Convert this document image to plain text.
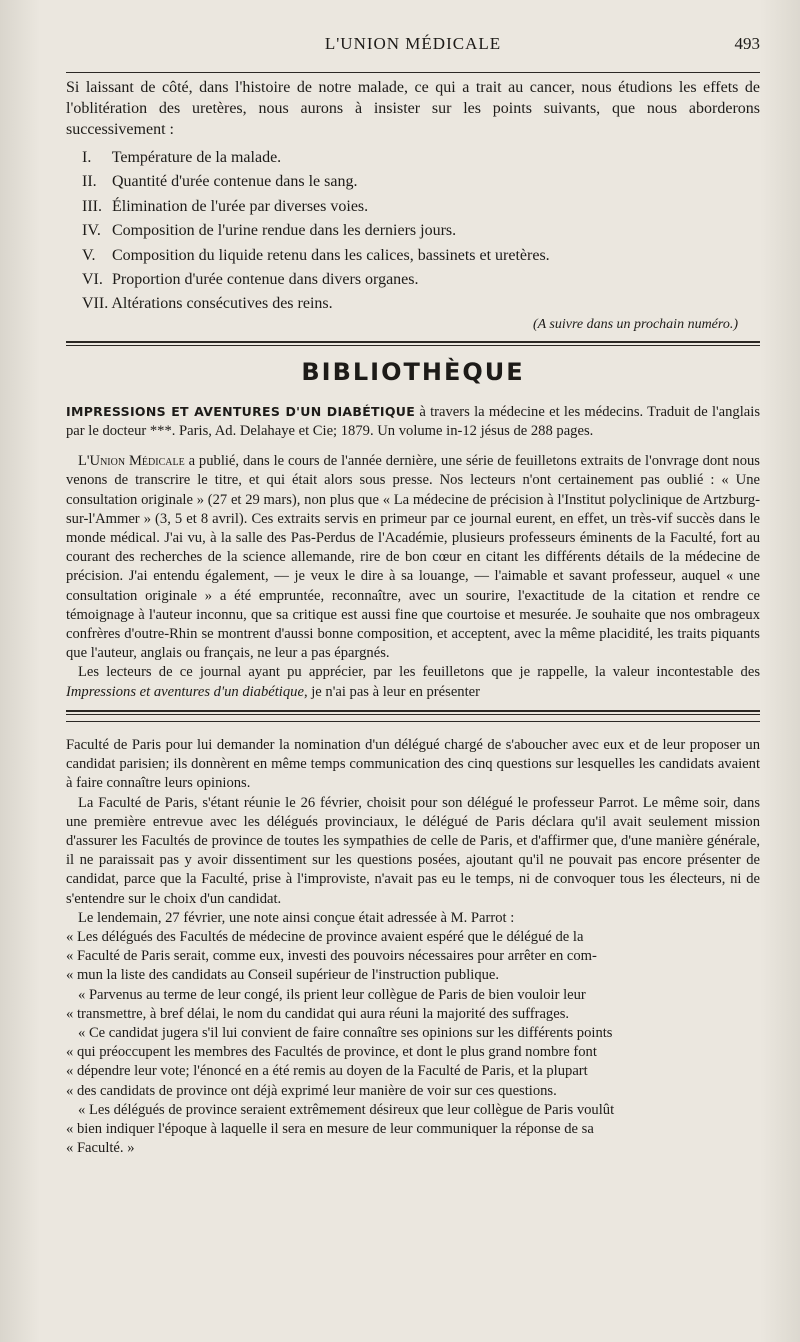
L'UNION MÉDICALE	493

Si laissant de côté, dans l'histoire de notre malade, ce qui a trait au cancer, nous étudions les effets de l'oblitération des uretères, nous aurons à insister sur les points suivants, que nous aborderons successivement :

I. Température de la malade.
II. Quantité d'urée contenue dans le sang.
III. Élimination de l'urée par diverses voies.
IV. Composition de l'urine rendue dans les derniers jours.
V. Composition du liquide retenu dans les calices, bassinets et uretères.
VI. Proportion d'urée contenue dans divers organes.
VII. Altérations consécutives des reins.
(A suivre dans un prochain numéro.)
BIBLIOTHÈQUE

IMPRESSIONS ET AVENTURES D'UN DIABÉTIQUE à travers la médecine et les médecins. Traduit de l'anglais par le docteur ***. Paris, Ad. Delahaye et Cie; 1879. Un volume in-12 jésus de 288 pages.

L'Union Médicale a publié, dans le cours de l'année dernière, une série de feuilletons extraits de l'onvrage dont nous venons de transcrire le titre, et qui était alors sous presse. Nos lecteurs n'ont certainement pas oublié : « Une consultation originale » (27 et 29 mars), non plus que « La médecine de précision à l'Institut polyclinique de Artzburg-sur-l'Ammer » (3, 5 et 8 avril). Ces extraits servis en primeur par ce journal eurent, en effet, un très-vif succès dans le monde médical. J'ai vu, à la salle des Pas-Perdus de l'Académie, plusieurs professeurs éminents de la Faculté, fort au courant des recherches de la science allemande, rire de bon cœur en citant les différents détails de la médecine de précision. J'ai entendu également, — je veux le dire à sa louange, — l'aimable et savant professeur, auquel « une consultation originale » a été empruntée, reconnaître, avec un sourire, l'exactitude de la citation et rendre ce témoignage à l'auteur inconnu, que sa critique est aussi fine que courtoise et mesurée. Je souhaite que nos ombrageux confrères d'outre-Rhin se montrent d'aussi bonne composition, et acceptent, avec la même placidité, les traits piquants que l'auteur, anglais ou français, ne leur a pas épargnés.

Les lecteurs de ce journal ayant pu apprécier, par les feuilletons que je rappelle, la valeur incontestable des Impressions et aventures d'un diabétique, je n'ai pas à leur en présenter

Faculté de Paris pour lui demander la nomination d'un délégué chargé de s'aboucher avec eux et de leur proposer un candidat parisien; ils donnèrent en même temps communication des cinq questions sur lesquelles les candidats avaient à faire connaître leurs opinions.

La Faculté de Paris, s'étant réunie le 26 février, choisit pour son délégué le professeur Parrot. Le même soir, dans une première entrevue avec les délégués provinciaux, le délégué de Paris déclara qu'il avait seulement mission d'assurer les Facultés de province de toutes les sympathies de celle de Paris, et d'affirmer que, d'une manière générale, il ne paraissait pas y avoir dissentiment sur les questions posées, ajoutant qu'il ne pouvait pas encore présenter de candidat, parce que la Faculté, prise à l'improviste, n'avait pas eu le temps, ni de convoquer tous les électeurs, ni de s'entendre sur le choix d'un candidat.

Le lendemain, 27 février, une note ainsi conçue était adressée à M. Parrot :

« Les délégués des Facultés de médecine de province avaient espéré que le délégué de la

« Faculté de Paris serait, comme eux, investi des pouvoirs nécessaires pour arrêter en com-

« mun la liste des candidats au Conseil supérieur de l'instruction publique.

« Parvenus au terme de leur congé, ils prient leur collègue de Paris de bien vouloir leur

« transmettre, à bref délai, le nom du candidat qui aura réuni la majorité des suffrages.

« Ce candidat jugera s'il lui convient de faire connaître ses opinions sur les différents points

« qui préoccupent les membres des Facultés de province, et dont le plus grand nombre font

« dépendre leur vote; l'énoncé en a été remis au doyen de la Faculté de Paris, et la plupart

« des candidats de province ont déjà exprimé leur manière de voir sur ces questions.

« Les délégués de province seraient extrêmement désireux que leur collègue de Paris voulût

« bien indiquer l'époque à laquelle il sera en mesure de leur communiquer la réponse de sa

« Faculté. »
